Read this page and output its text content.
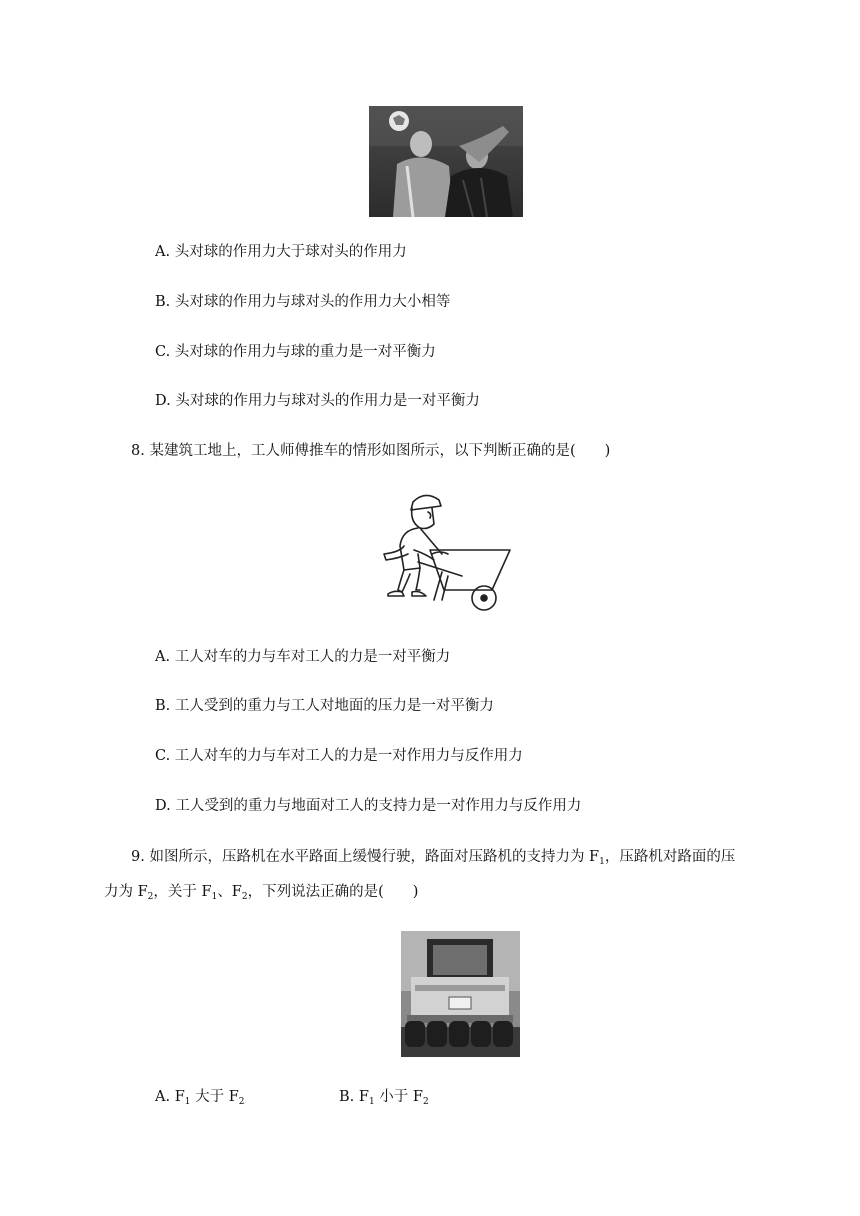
A. 头对球的作用力大于球对头的作用力
B. 头对球的作用力与球对头的作用力大小相等
C. 头对球的作用力与球的重力是一对平衡力
D. 头对球的作用力与球对头的作用力是一对平衡力
8. 某建筑工地上，工人师傅推车的情形如图所示，以下判断正确的是(　　)
A. 工人对车的力与车对工人的力是一对平衡力
B. 工人受到的重力与工人对地面的压力是一对平衡力
C. 工人对车的力与车对工人的力是一对作用力与反作用力
D. 工人受到的重力与地面对工人的支持力是一对作用力与反作用力
9. 如图所示，压路机在水平路面上缓慢行驶，路面对压路机的支持力为 $F_1$，压路机对路面的压
力为 $F_2$，关于 $F_1$、$F_2$，下列说法正确的是(　　)
A. $F_1$ 大于 $F_2$	B. $F_1$ 小于 $F_2$
